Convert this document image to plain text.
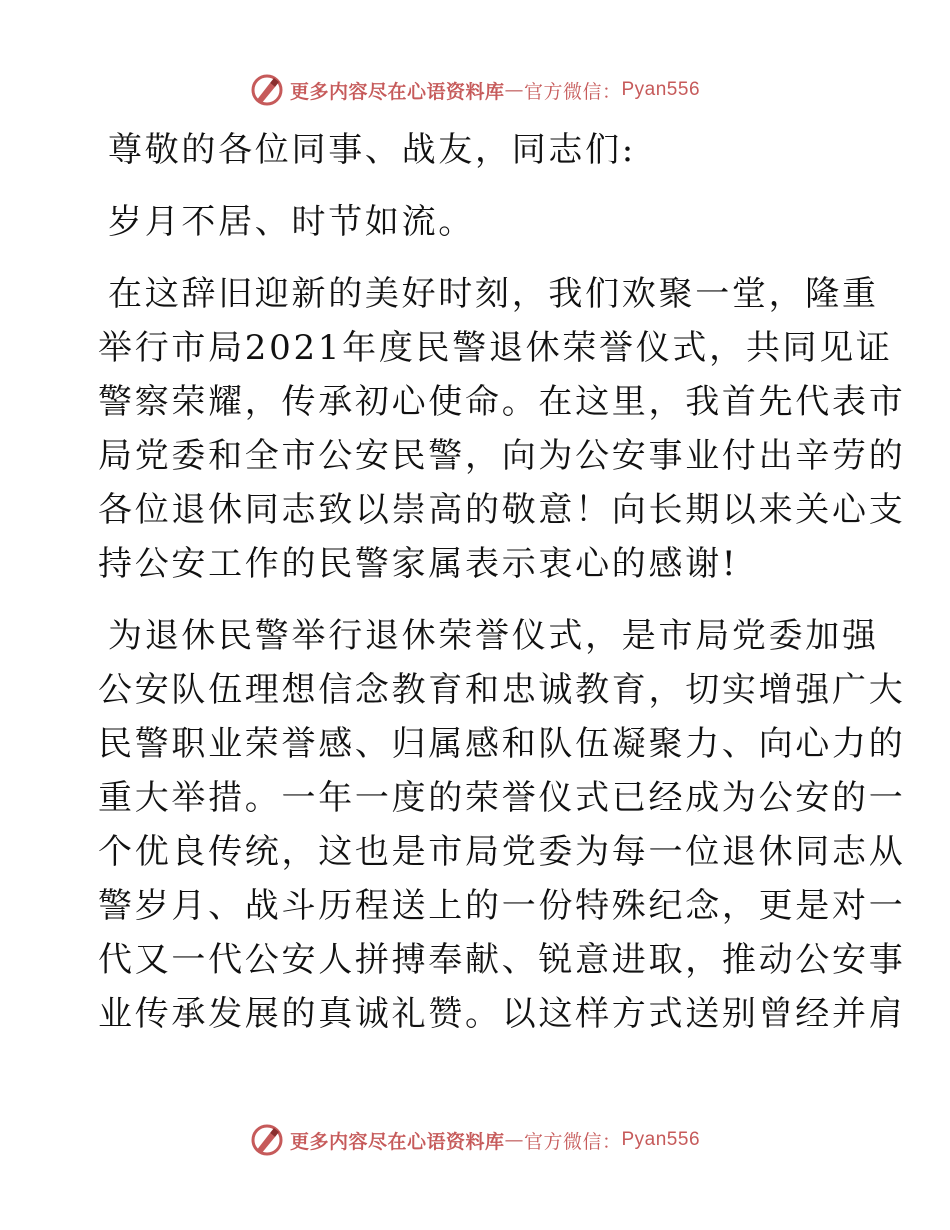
更多内容尽在心语资料库 — 官方微信： Pyan556
尊敬的各位同事、战友，同志们:
岁月不居、时节如流。
在这辞旧迎新的美好时刻，我们欢聚一堂，隆重
举行市局2021年度民警退休荣誉仪式，共同见证
警察荣耀，传承初心使命。在这里，我首先代表市
局党委和全市公安民警，向为公安事业付出辛劳的
各位退休同志致以崇高的敬意！向长期以来关心支
持公安工作的民警家属表示衷心的感谢!
为退休民警举行退休荣誉仪式，是市局党委加强
公安队伍理想信念教育和忠诚教育，切实增强广大
民警职业荣誉感、归属感和队伍凝聚力、向心力的
重大举措。一年一度的荣誉仪式已经成为公安的一
个优良传统，这也是市局党委为每一位退休同志从
警岁月、战斗历程送上的一份特殊纪念，更是对一
代又一代公安人拼搏奉献、锐意进取，推动公安事
业传承发展的真诚礼赞。以这样方式送别曾经并肩
更多内容尽在心语资料库 — 官方微信： Pyan556
